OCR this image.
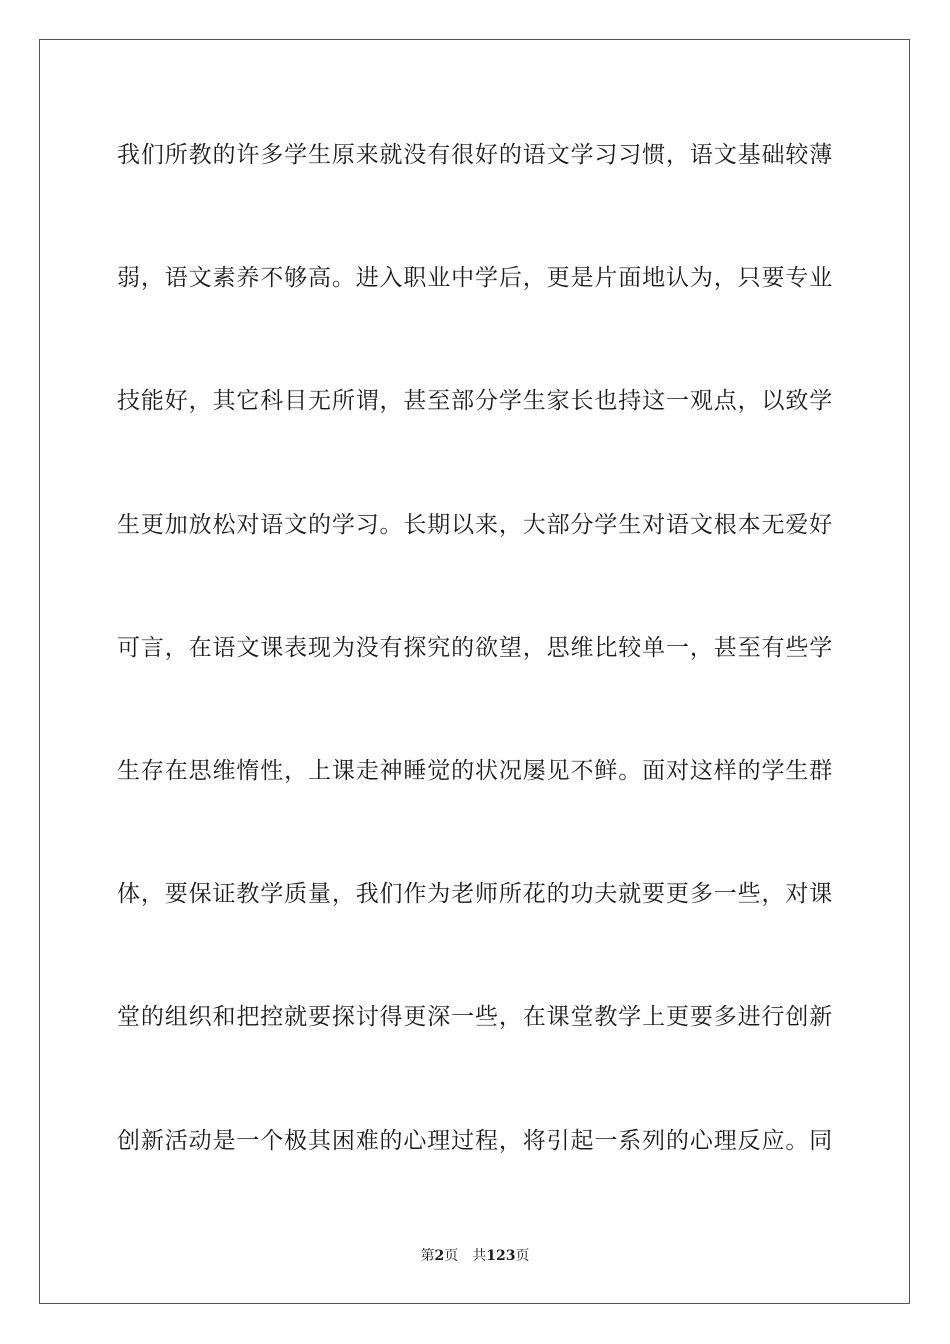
我们所教的许多学生原来就没有很好的语文学习习惯，语文基础较薄

弱，语文素养不够高。进入职业中学后，更是片面地认为，只要专业

技能好，其它科目无所谓，甚至部分学生家长也持这一观点，以致学

生更加放松对语文的学习。长期以来，大部分学生对语文根本无爱好

可言，在语文课表现为没有探究的欲望，思维比较单一，甚至有些学

生存在思维惰性，上课走神睡觉的状况屡见不鲜。面对这样的学生群

体，要保证教学质量，我们作为老师所花的功夫就要更多一些，对课

堂的组织和把控就要探讨得更深一些，在课堂教学上更要多进行创新

创新活动是一个极其困难的心理过程，将引起一系列的心理反应。同

第2页 共123页
